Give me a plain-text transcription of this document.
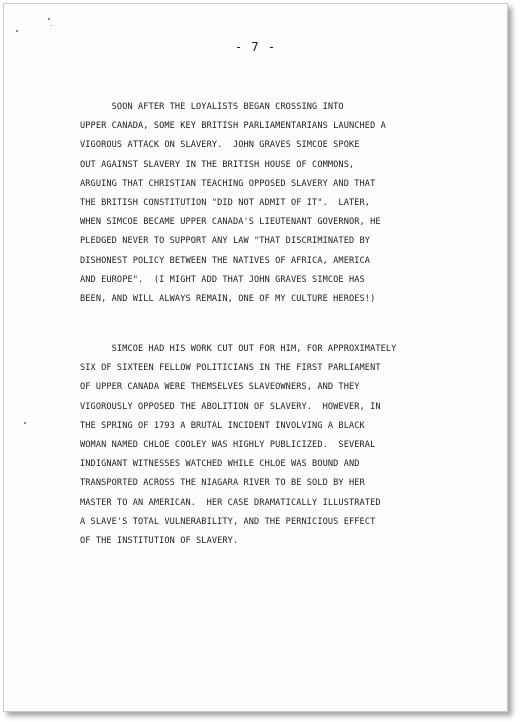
- 7 -

SOON AFTER THE LOYALISTS BEGAN CROSSING INTO
UPPER CANADA, SOME KEY BRITISH PARLIAMENTARIANS LAUNCHED A
VIGOROUS ATTACK ON SLAVERY.  JOHN GRAVES SIMCOE SPOKE
OUT AGAINST SLAVERY IN THE BRITISH HOUSE OF COMMONS,
ARGUING THAT CHRISTIAN TEACHING OPPOSED SLAVERY AND THAT
THE BRITISH CONSTITUTION "DID NOT ADMIT OF IT".  LATER,
WHEN SIMCOE BECAME UPPER CANADA'S LIEUTENANT GOVERNOR, HE
PLEDGED NEVER TO SUPPORT ANY LAW "THAT DISCRIMINATED BY
DISHONEST POLICY BETWEEN THE NATIVES OF AFRICA, AMERICA
AND EUROPE".  (I MIGHT ADD THAT JOHN GRAVES SIMCOE HAS
BEEN, AND WILL ALWAYS REMAIN, ONE OF MY CULTURE HEROES!)

SIMCOE HAD HIS WORK CUT OUT FOR HIM, FOR APPROXIMATELY
SIX OF SIXTEEN FELLOW POLITICIANS IN THE FIRST PARLIAMENT
OF UPPER CANADA WERE THEMSELVES SLAVEOWNERS, AND THEY
VIGOROUSLY OPPOSED THE ABOLITION OF SLAVERY.  HOWEVER, IN
THE SPRING OF 1793 A BRUTAL INCIDENT INVOLVING A BLACK
WOMAN NAMED CHLOE COOLEY WAS HIGHLY PUBLICIZED.  SEVERAL
INDIGNANT WITNESSES WATCHED WHILE CHLOE WAS BOUND AND
TRANSPORTED ACROSS THE NIAGARA RIVER TO BE SOLD BY HER
MASTER TO AN AMERICAN.  HER CASE DRAMATICALLY ILLUSTRATED
A SLAVE'S TOTAL VULNERABILITY, AND THE PERNICIOUS EFFECT
OF THE INSTITUTION OF SLAVERY.
